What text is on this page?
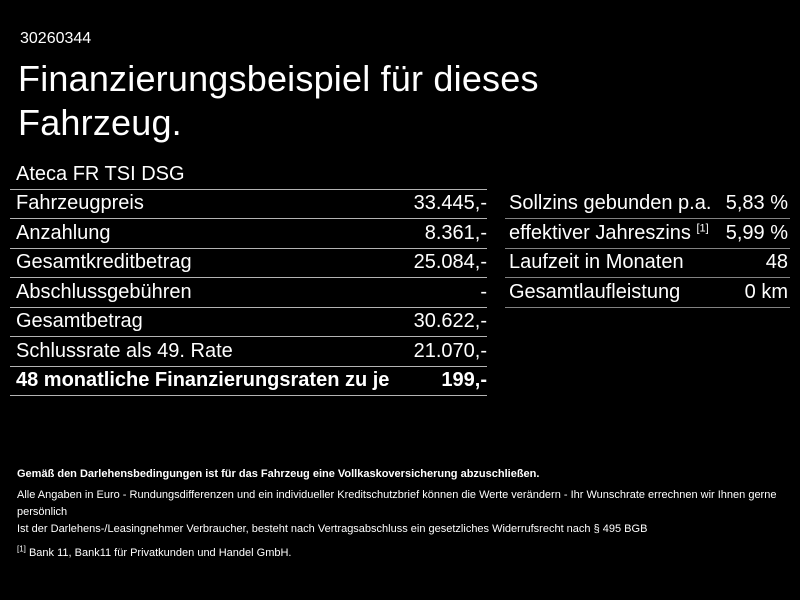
30260344
Finanzierungsbeispiel für dieses
Fahrzeug.
Ateca FR TSI DSG
Fahrzeugpreis	33.445,-
Anzahlung	8.361,-
Gesamtkreditbetrag	25.084,-
Abschlussgebühren	-
Gesamtbetrag	30.622,-
Schlussrate als 49. Rate	21.070,-
48 monatliche Finanzierungsraten zu je	199,-
Sollzins gebunden p.a. 5,83 %
effektiver Jahreszins [1] 5,99 %
Laufzeit in Monaten	48
Gesamtlaufleistung	0 km

Gemäß den Darlehensbedingungen ist für das Fahrzeug eine Vollkaskoversicherung abzuschließen.

Alle Angaben in Euro - Rundungsdifferenzen und ein individueller Kreditschutzbrief können die Werte verändern - Ihr Wunschrate errechnen wir Ihnen gerne persönlich

Ist der Darlehens-/Leasingnehmer Verbraucher, besteht nach Vertragsabschluss ein gesetzliches Widerrufsrecht nach § 495 BGB

[1] Bank 11, Bank11 für Privatkunden und Handel GmbH.
